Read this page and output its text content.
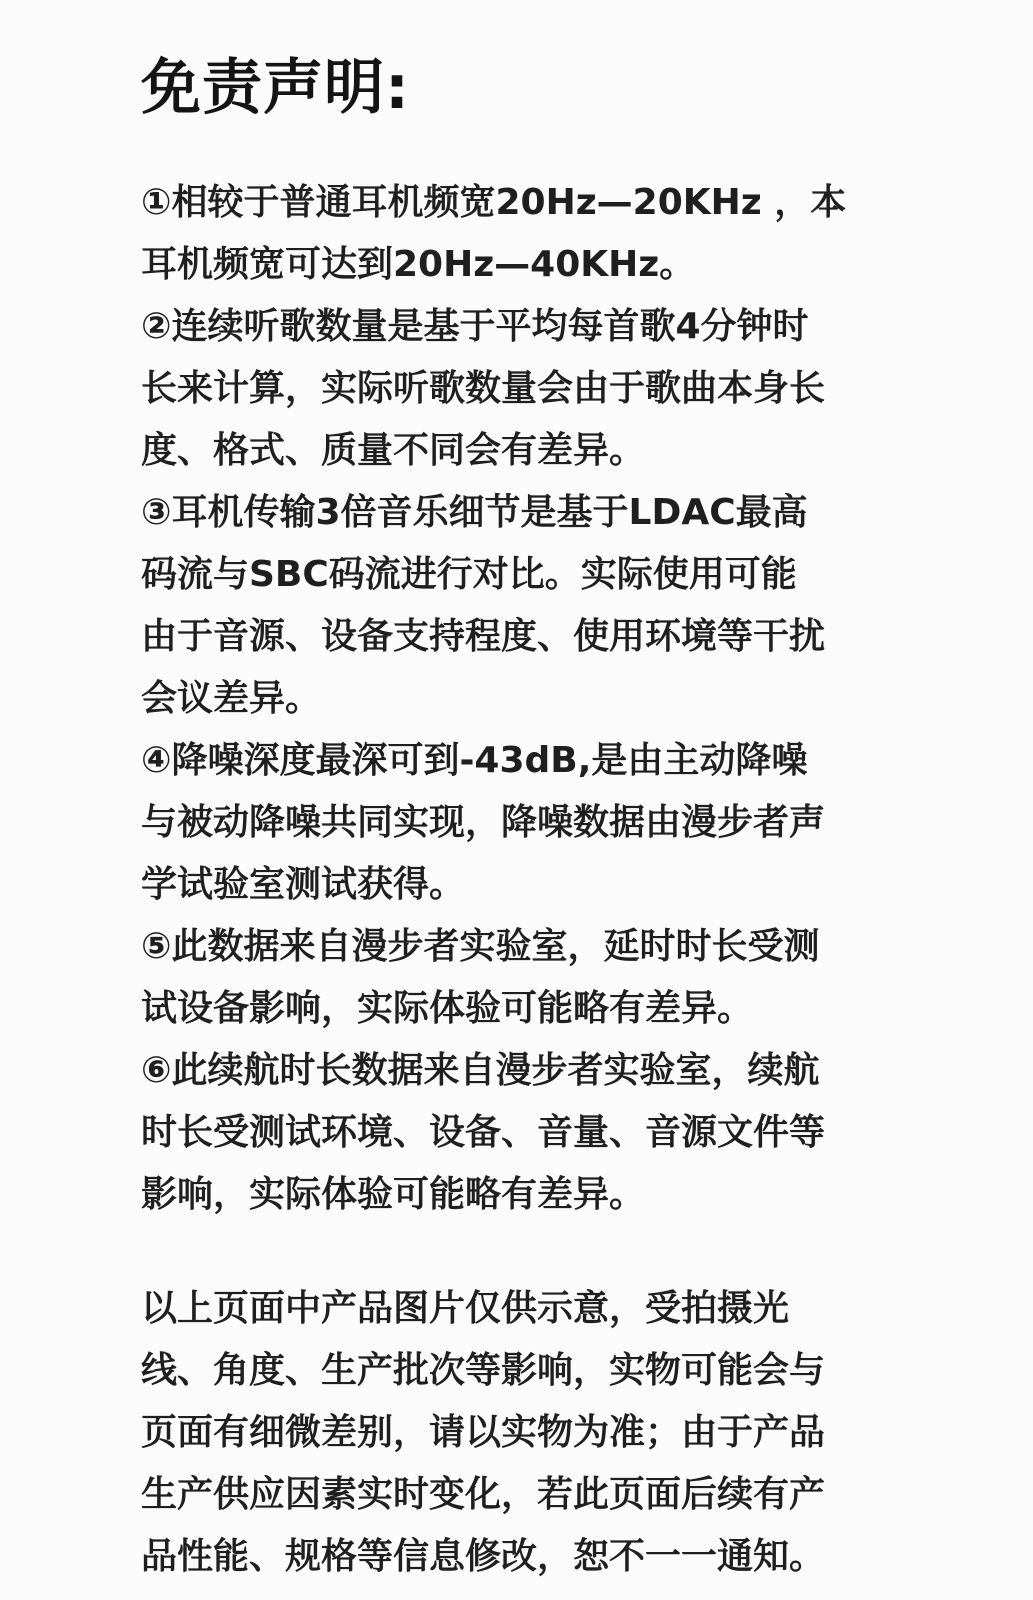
免责声明:
①相较于普通耳机频宽20Hz—20KHz ，本
耳机频宽可达到20Hz—40KHz。
②连续听歌数量是基于平均每首歌4分钟时
长来计算，实际听歌数量会由于歌曲本身长
度、格式、质量不同会有差异。
③耳机传输3倍音乐细节是基于LDAC最高
码流与SBC码流进行对比。实际使用可能
由于音源、设备支持程度、使用环境等干扰
会议差异。
④降噪深度最深可到-43dB,是由主动降噪
与被动降噪共同实现，降噪数据由漫步者声
学试验室测试获得。
⑤此数据来自漫步者实验室，延时时长受测
试设备影响，实际体验可能略有差异。
⑥此续航时长数据来自漫步者实验室，续航
时长受测试环境、设备、音量、音源文件等
影响，实际体验可能略有差异。
以上页面中产品图片仅供示意，受拍摄光
线、角度、生产批次等影响，实物可能会与
页面有细微差别，请以实物为准；由于产品
生产供应因素实时变化，若此页面后续有产
品性能、规格等信息修改，恕不一一通知。
